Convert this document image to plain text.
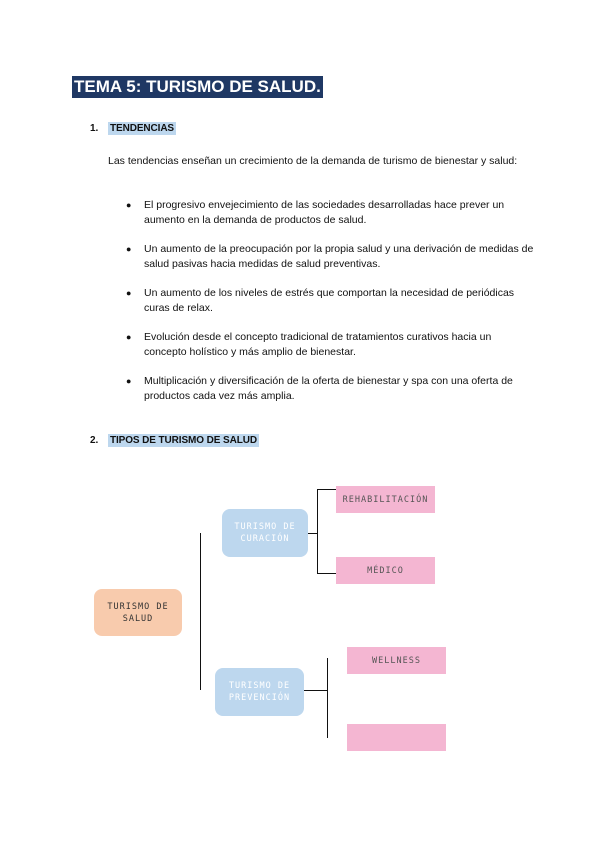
TEMA 5: TURISMO DE SALUD.
1. TENDENCIAS
Las tendencias enseñan un crecimiento de la demanda de turismo de bienestar y salud:
● El progresivo envejecimiento de las sociedades desarrolladas hace prever un aumento en la demanda de productos de salud.
● Un aumento de la preocupación por la propia salud y una derivación de medidas de salud pasivas hacia medidas de salud preventivas.
● Un aumento de los niveles de estrés que comportan la necesidad de periódicas curas de relax.
● Evolución desde el concepto tradicional de tratamientos curativos hacia un concepto holístico y más amplio de bienestar.
● Multiplicación y diversificación de la oferta de bienestar y spa con una oferta de productos cada vez más amplia.
2. TIPOS DE TURISMO DE SALUD
TURISMO DE SALUD
TURISMO DE CURACIÓN
TURISMO DE PREVENCIÓN
REHABILITACIÓN
MÉDICO
WELLNESS
